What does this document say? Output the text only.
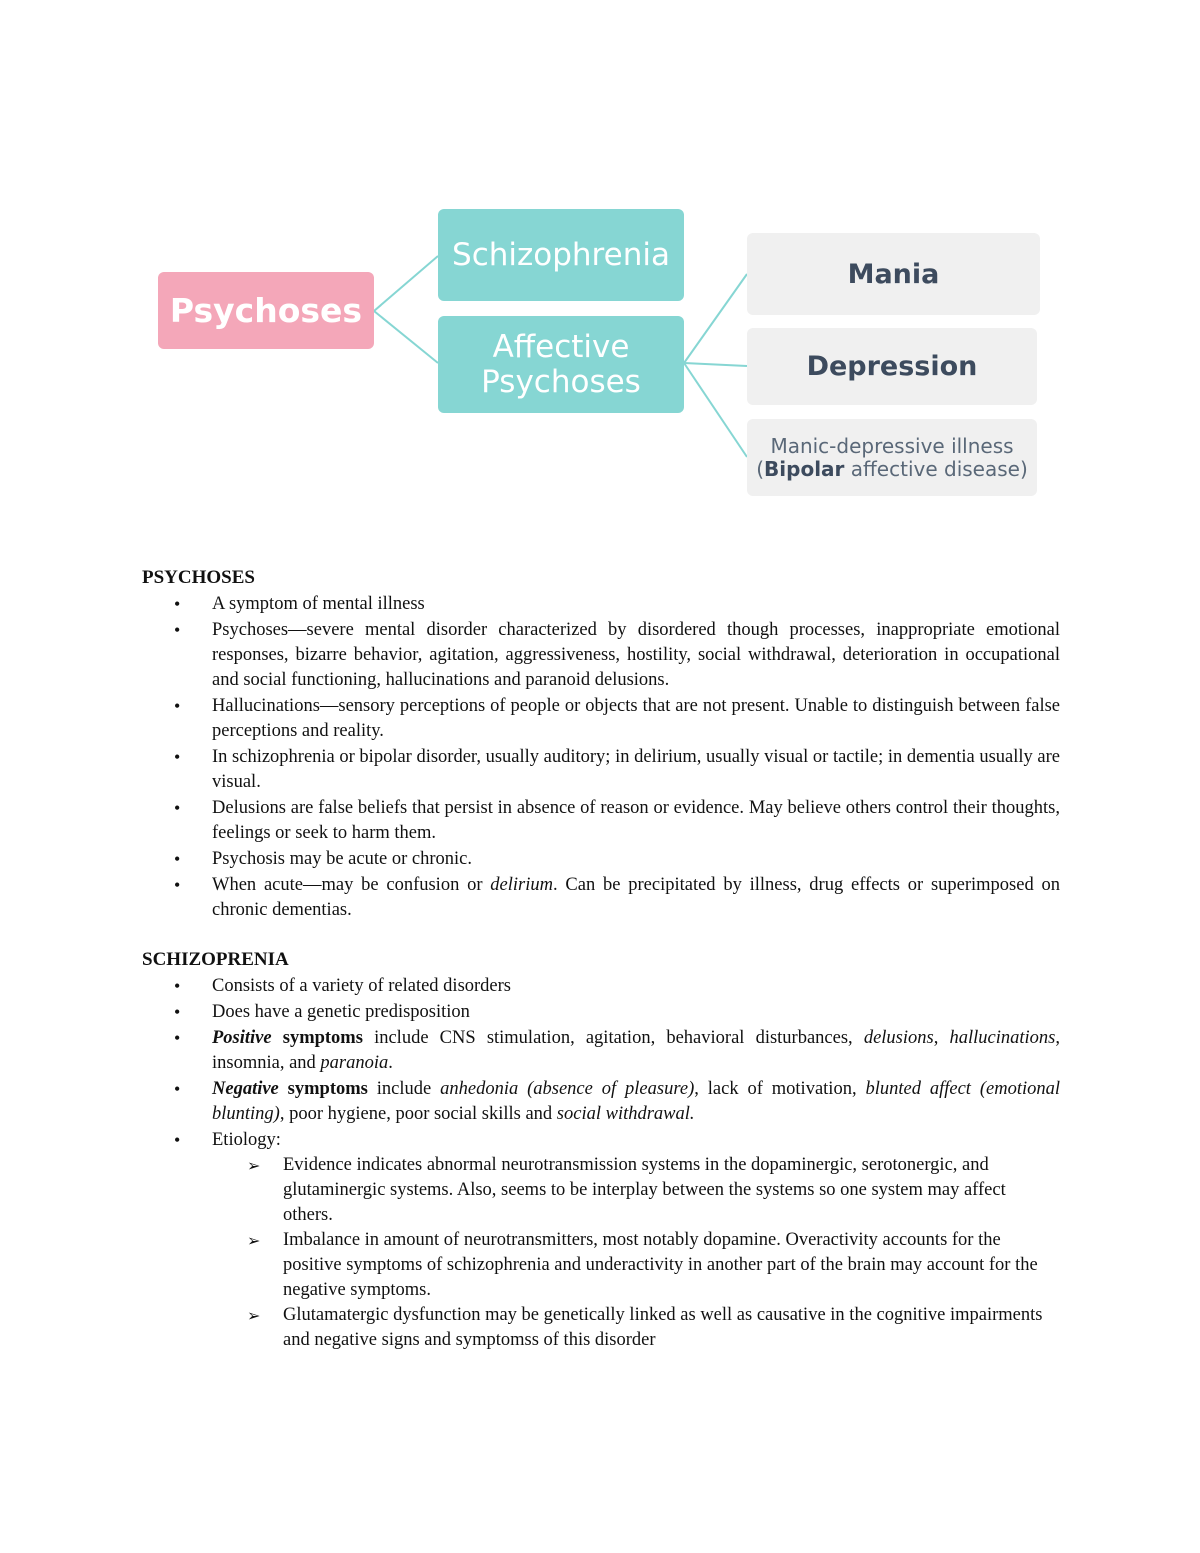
Psychoses
Schizophrenia
Affective Psychoses
Mania
Depression
Manic-depressive illness
(Bipolar affective disease)
PSYCHOSES
• A symptom of mental illness
• Psychoses—severe mental disorder characterized by disordered though processes, inappropriate emotional responses, bizarre behavior, agitation, aggressiveness, hostility, social withdrawal, deterioration in occupational and social functioning, hallucinations and paranoid delusions.
• Hallucinations—sensory perceptions of people or objects that are not present. Unable to distinguish between false perceptions and reality.
• In schizophrenia or bipolar disorder, usually auditory; in delirium, usually visual or tactile; in dementia usually are visual.
• Delusions are false beliefs that persist in absence of reason or evidence. May believe others control their thoughts, feelings or seek to harm them.
• Psychosis may be acute or chronic.
• When acute—may be confusion or delirium. Can be precipitated by illness, drug effects or superimposed on chronic dementias.
SCHIZOPRENIA
• Consists of a variety of related disorders
• Does have a genetic predisposition
• Positive symptoms include CNS stimulation, agitation, behavioral disturbances, delusions, hallucinations, insomnia, and paranoia.
• Negative symptoms include anhedonia (absence of pleasure), lack of motivation, blunted affect (emotional blunting), poor hygiene, poor social skills and social withdrawal.
• Etiology:
➢ Evidence indicates abnormal neurotransmission systems in the dopaminergic, serotonergic, and glutaminergic systems. Also, seems to be interplay between the systems so one system may affect others.
➢ Imbalance in amount of neurotransmitters, most notably dopamine. Overactivity accounts for the positive symptoms of schizophrenia and underactivity in another part of the brain may account for the negative symptoms.
➢ Glutamatergic dysfunction may be genetically linked as well as causative in the cognitive impairments and negative signs and symptomss of this disorder
